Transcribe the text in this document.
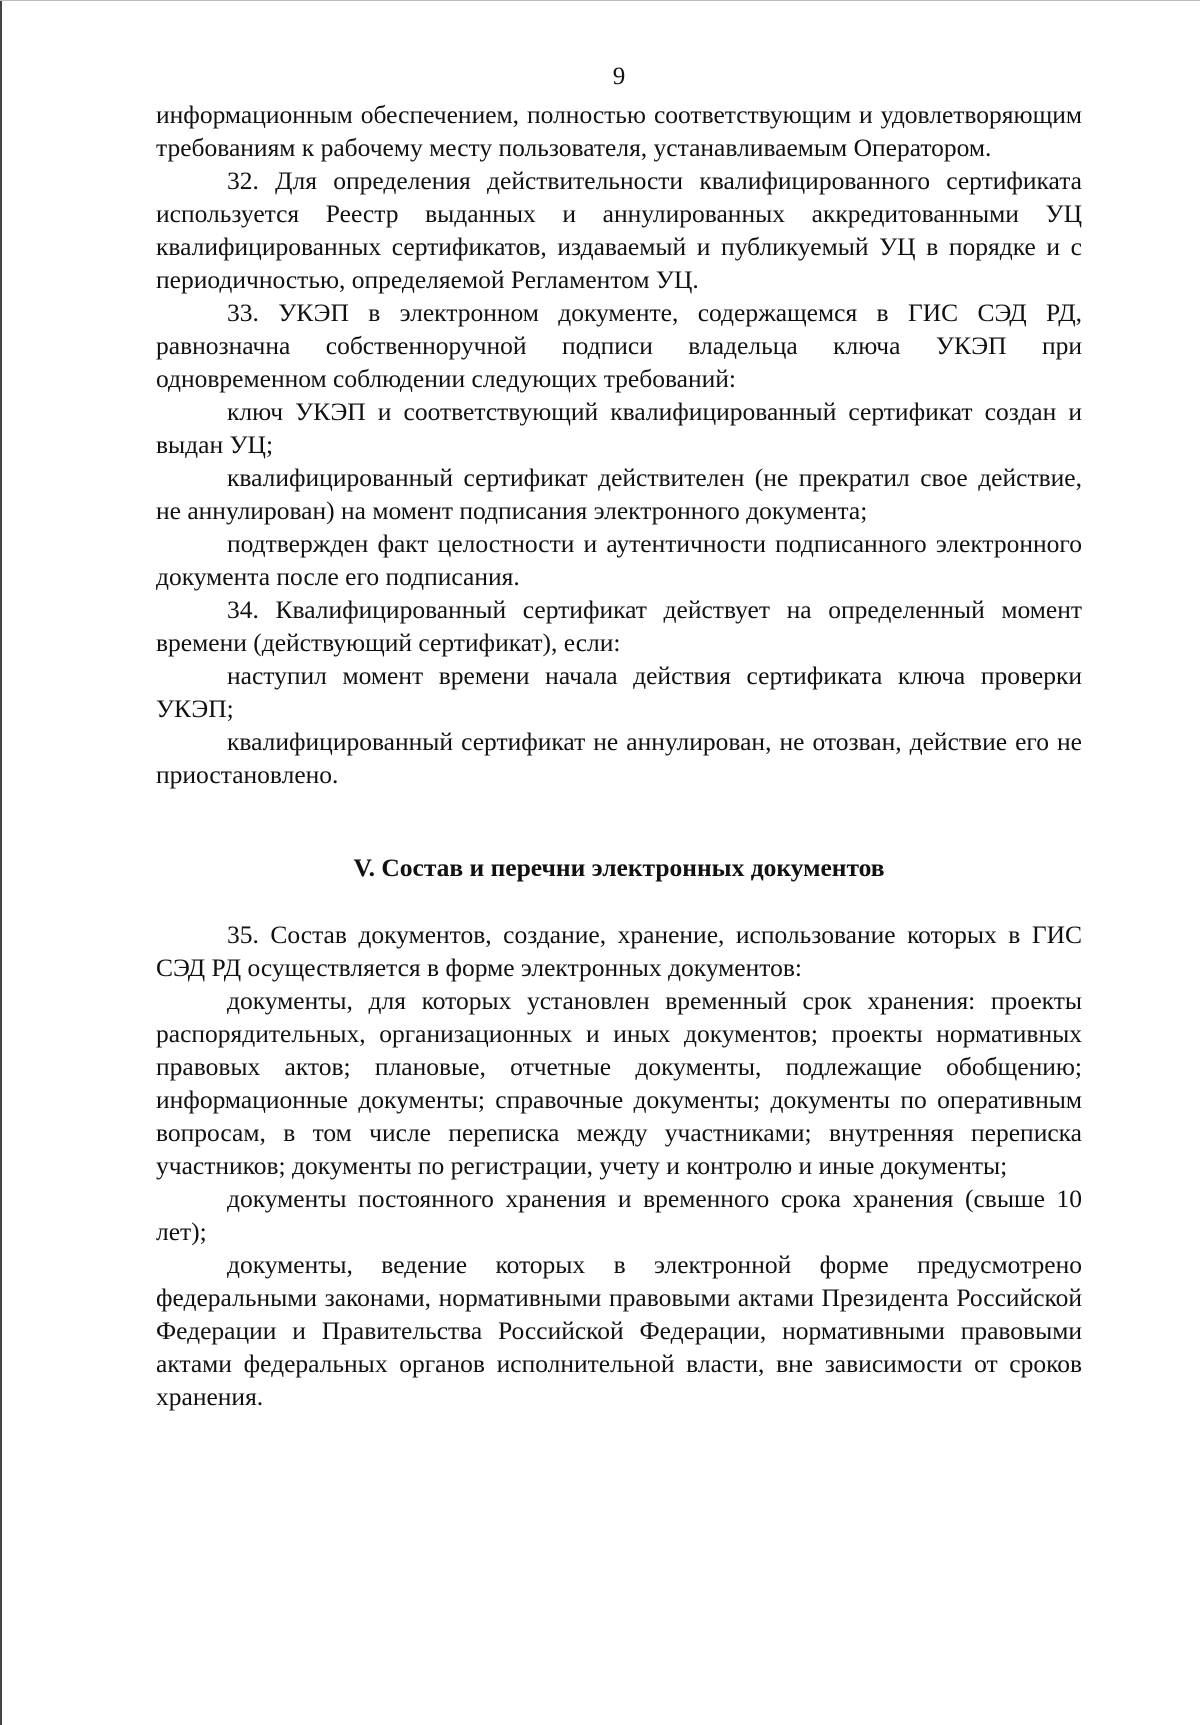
9

информационным обеспечением, полностью соответствующим и удовлетворяющим требованиям к рабочему месту пользователя, устанавливаемым Оператором.

32. Для определения действительности квалифицированного сертификата используется Реестр выданных и аннулированных аккредитованными УЦ квалифицированных сертификатов, издаваемый и публикуемый УЦ в порядке и с периодичностью, определяемой Регламентом УЦ.

33. УКЭП в электронном документе, содержащемся в ГИС СЭД РД, равнозначна собственноручной подписи владельца ключа УКЭП при одновременном соблюдении следующих требований:

ключ УКЭП и соответствующий квалифицированный сертификат создан и выдан УЦ;

квалифицированный сертификат действителен (не прекратил свое действие, не аннулирован) на момент подписания электронного документа;

подтвержден факт целостности и аутентичности подписанного электронного документа после его подписания.

34. Квалифицированный сертификат действует на определенный момент времени (действующий сертификат), если:

наступил момент времени начала действия сертификата ключа проверки УКЭП;

квалифицированный сертификат не аннулирован, не отозван, действие его не приостановлено.

V. Состав и перечни электронных документов

35. Состав документов, создание, хранение, использование которых в ГИС СЭД РД осуществляется в форме электронных документов:

документы, для которых установлен временный срок хранения: проекты распорядительных, организационных и иных документов; проекты нормативных правовых актов; плановые, отчетные документы, подлежащие обобщению; информационные документы; справочные документы; документы по оперативным вопросам, в том числе переписка между участниками; внутренняя переписка участников; документы по регистрации, учету и контролю и иные документы;

документы постоянного хранения и временного срока хранения (свыше 10 лет);

документы, ведение которых в электронной форме предусмотрено федеральными законами, нормативными правовыми актами Президента Российской Федерации и Правительства Российской Федерации, нормативными правовыми актами федеральных органов исполнительной власти, вне зависимости от сроков хранения.
